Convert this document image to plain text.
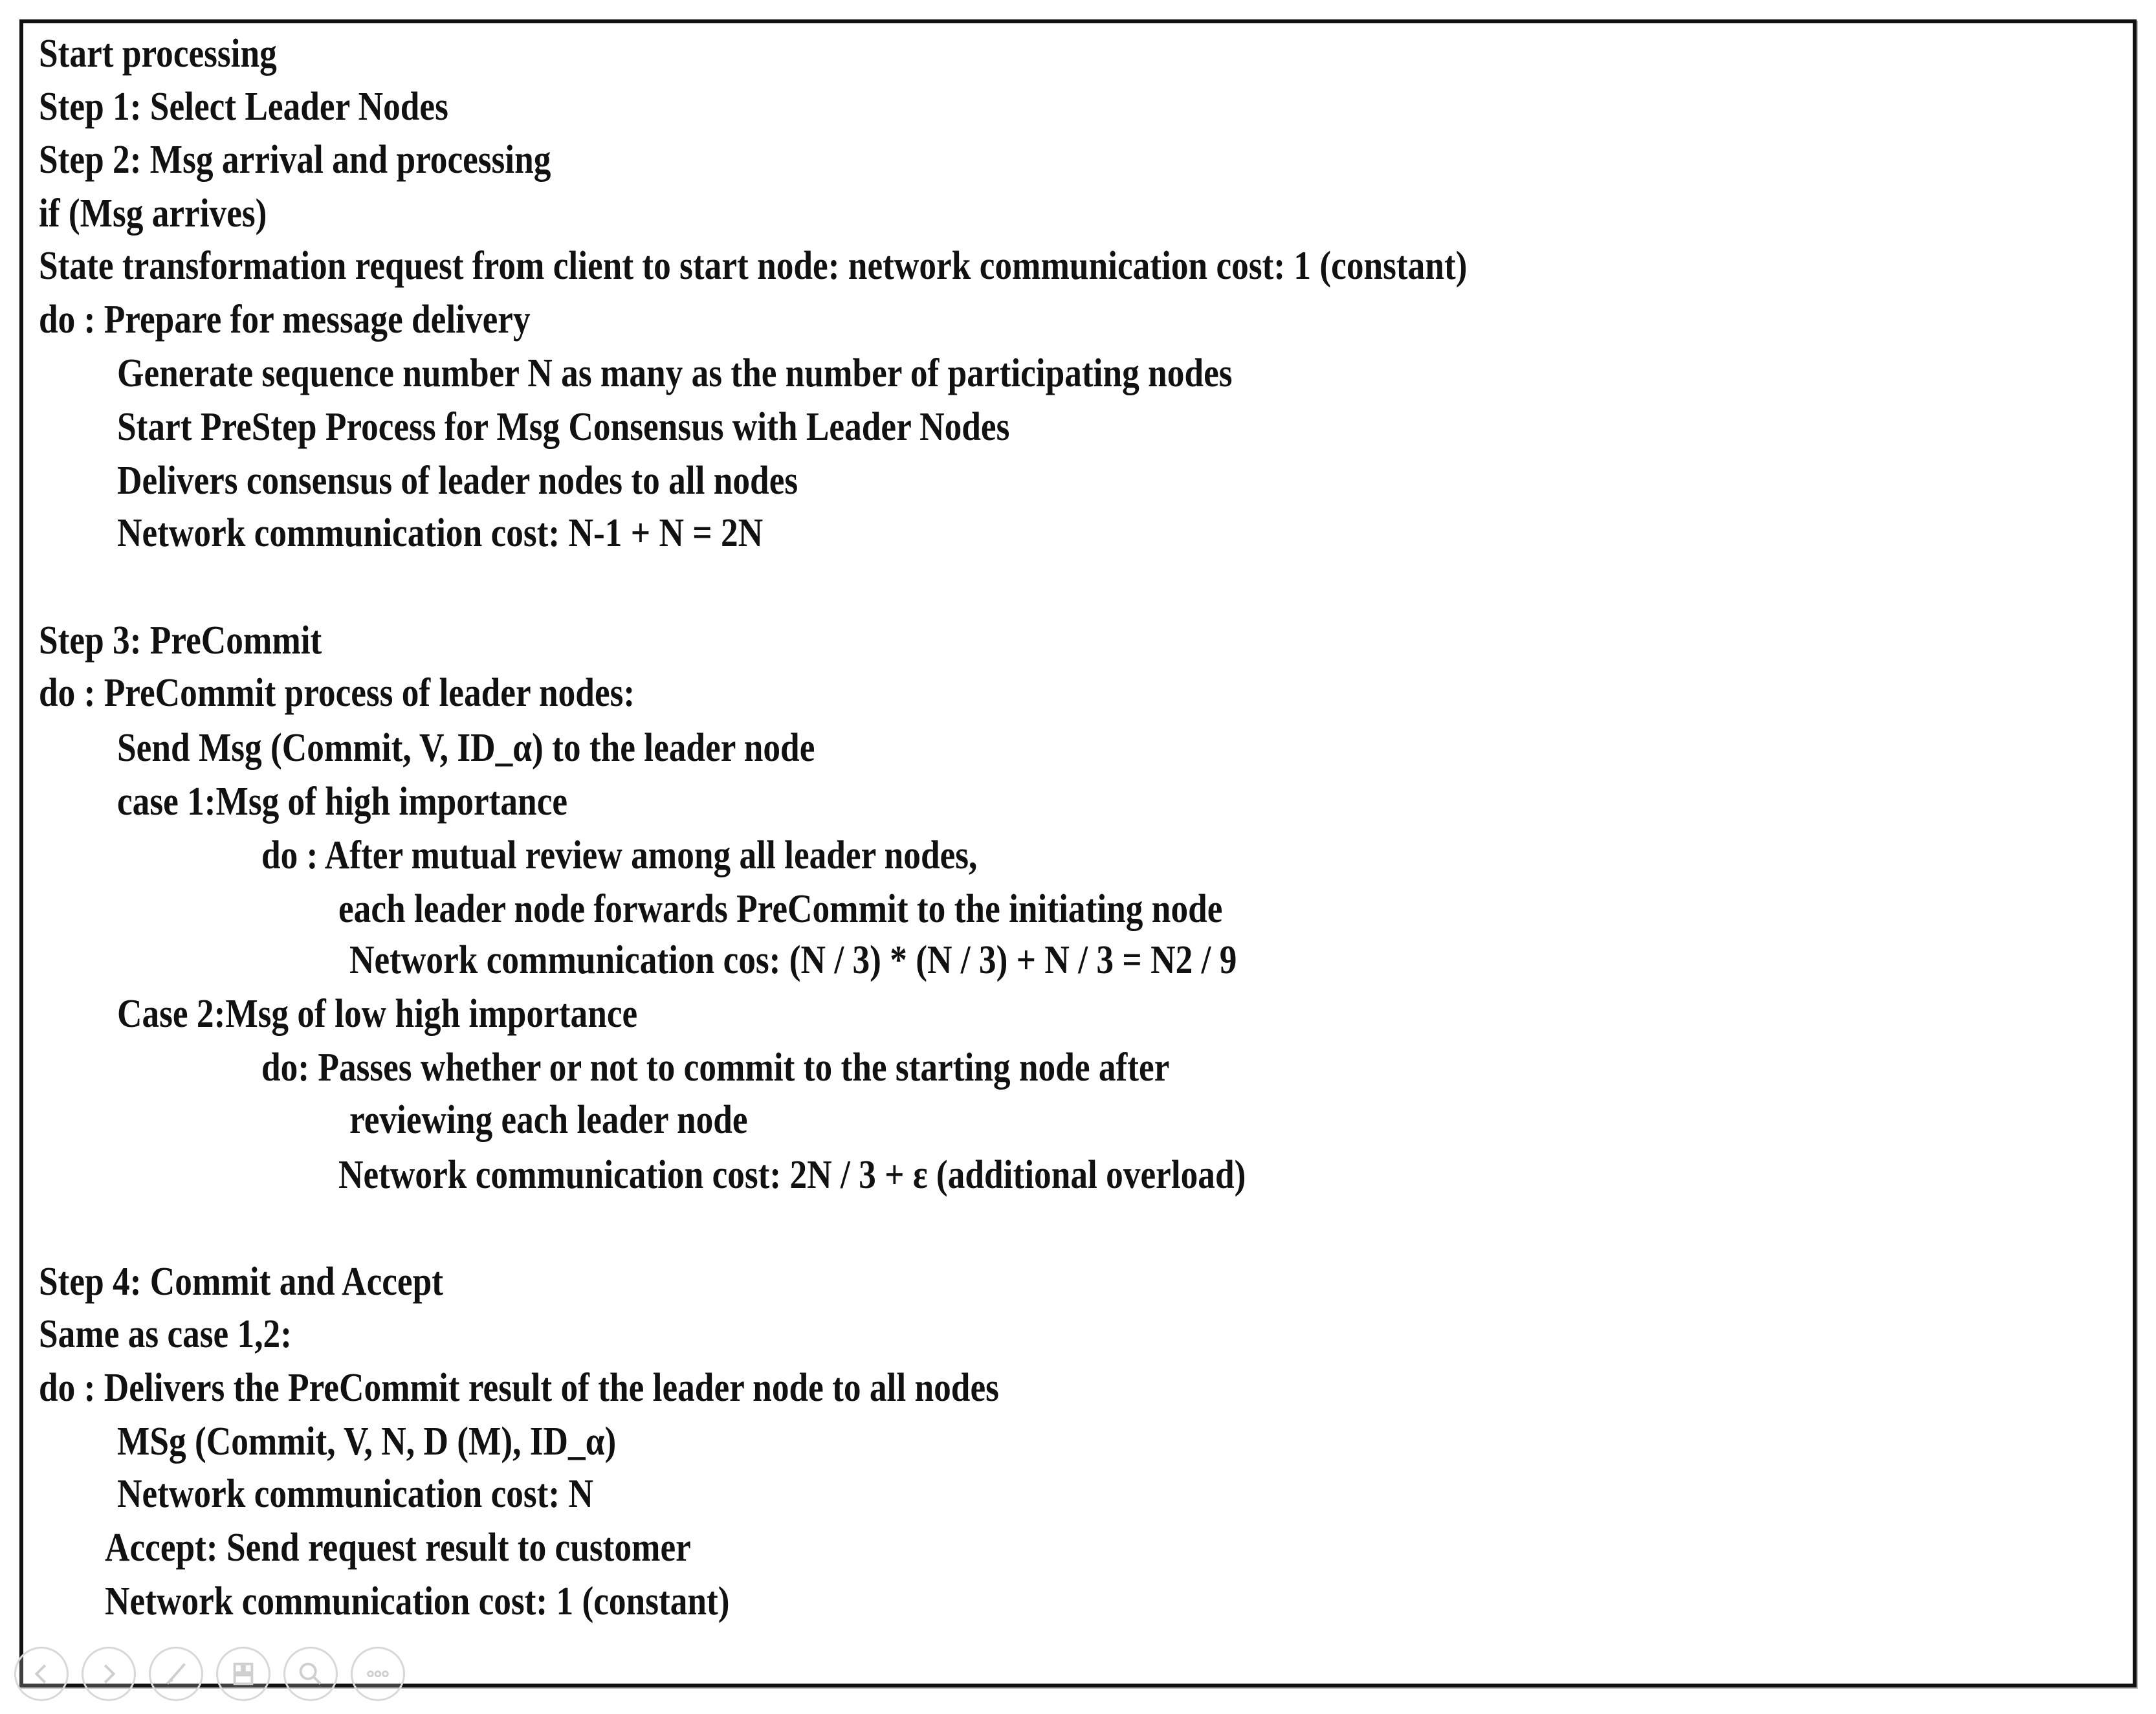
Start processing
Step 1: Select Leader Nodes
Step 2: Msg arrival and processing
if (Msg arrives)
State transformation request from client to start node: network communication cost: 1 (constant)
do : Prepare for message delivery
Generate sequence number N as many as the number of participating nodes
Start PreStep Process for Msg Consensus with Leader Nodes
Delivers consensus of leader nodes to all nodes
Network communication cost: N-1 + N = 2N
Step 3: PreCommit
do : PreCommit process of leader nodes:
Send Msg (Commit, V, ID_α) to the leader node
case 1:Msg of high importance
do : After mutual review among all leader nodes,
each leader node forwards PreCommit to the initiating node
Network communication cos: (N / 3) * (N / 3) + N / 3 = N2 / 9
Case 2:Msg of low high importance
do: Passes whether or not to commit to the starting node after
reviewing each leader node
Network communication cost: 2N / 3 + ε (additional overload)
Step 4: Commit and Accept
Same as case 1,2:
do : Delivers the PreCommit result of the leader node to all nodes
MSg (Commit, V, N, D (M), ID_α)
Network communication cost: N
Accept: Send request result to customer
Network communication cost: 1 (constant)
